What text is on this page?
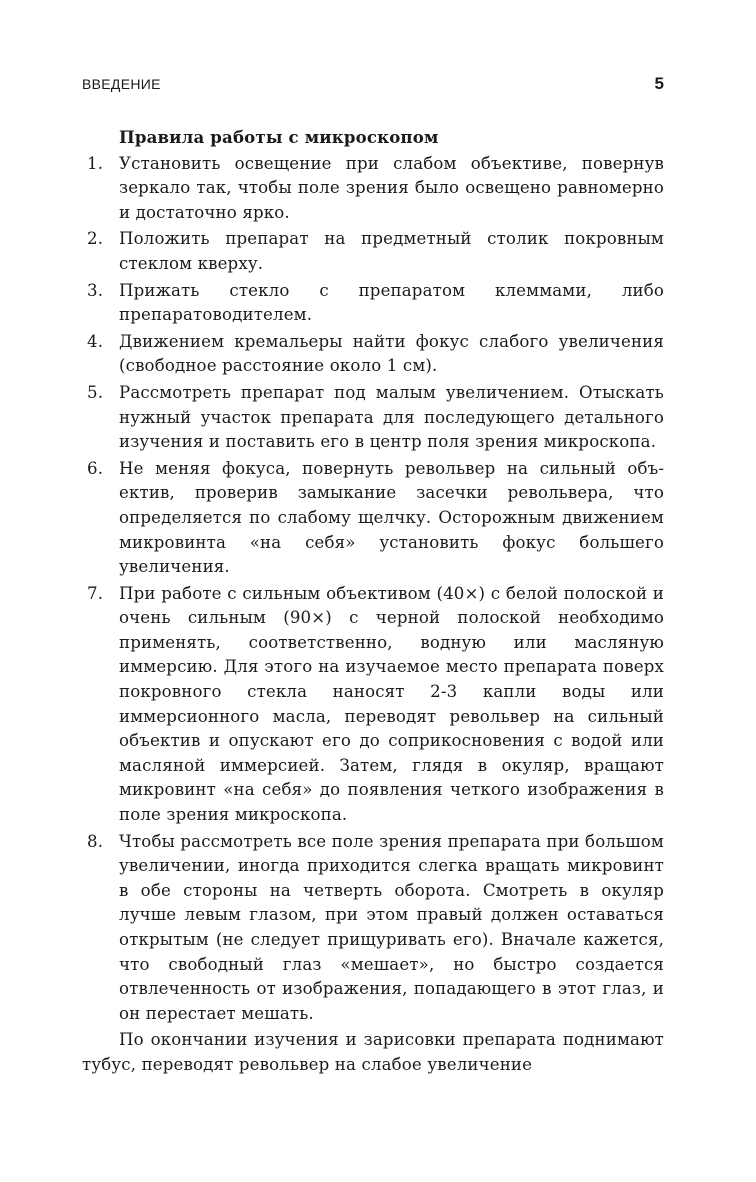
ВВЕДЕНИЕ	5
Правила работы с микроскопом
1. Установить освещение при слабом объективе, повернув зеркало так, чтобы поле зрения было освещено равномерно и достаточно ярко.
2. Положить препарат на предметный столик покровным стеклом кверху.
3. Прижать стекло с препаратом клеммами, либо препаратоводителем.
4. Движением кремальеры найти фокус слабого увеличения (свободное расстояние около 1 см).
5. Рассмотреть препарат под малым увеличением. Отыскать нужный участок препарата для последующего детального изучения и поставить его в центр поля зрения микроскопа.
6. Не меняя фокуса, повернуть револьвер на сильный объектив, проверив замыкание засечки револьвера, что определяется по слабому щелчку. Осторожным движением микровинта «на себя» установить фокус большего увеличения.
7. При работе с сильным объективом (40×) с белой полоской и очень сильным (90×) с черной полоской необходимо применять, соответственно, водную или масляную иммерсию. Для этого на изучаемое место препарата поверх покровного стекла наносят 2-3 капли воды или иммерсионного масла, переводят револьвер на сильный объектив и опускают его до соприкосновения с водой или масляной иммерсией. Затем, глядя в окуляр, вращают микровинт «на себя» до появления четкого изображения в поле зрения микроскопа.
8. Чтобы рассмотреть все поле зрения препарата при большом увеличении, иногда приходится слегка вращать микровинт в обе стороны на четверть оборота. Смотреть в окуляр лучше левым глазом, при этом правый должен оставаться открытым (не следует прищуривать его). Вначале кажется, что свободный глаз «мешает», но быстро создается отвлеченность от изображения, попадающего в этот глаз, и он перестает мешать.

По окончании изучения и зарисовки препарата поднимают тубус, переводят револьвер на слабое увеличение
